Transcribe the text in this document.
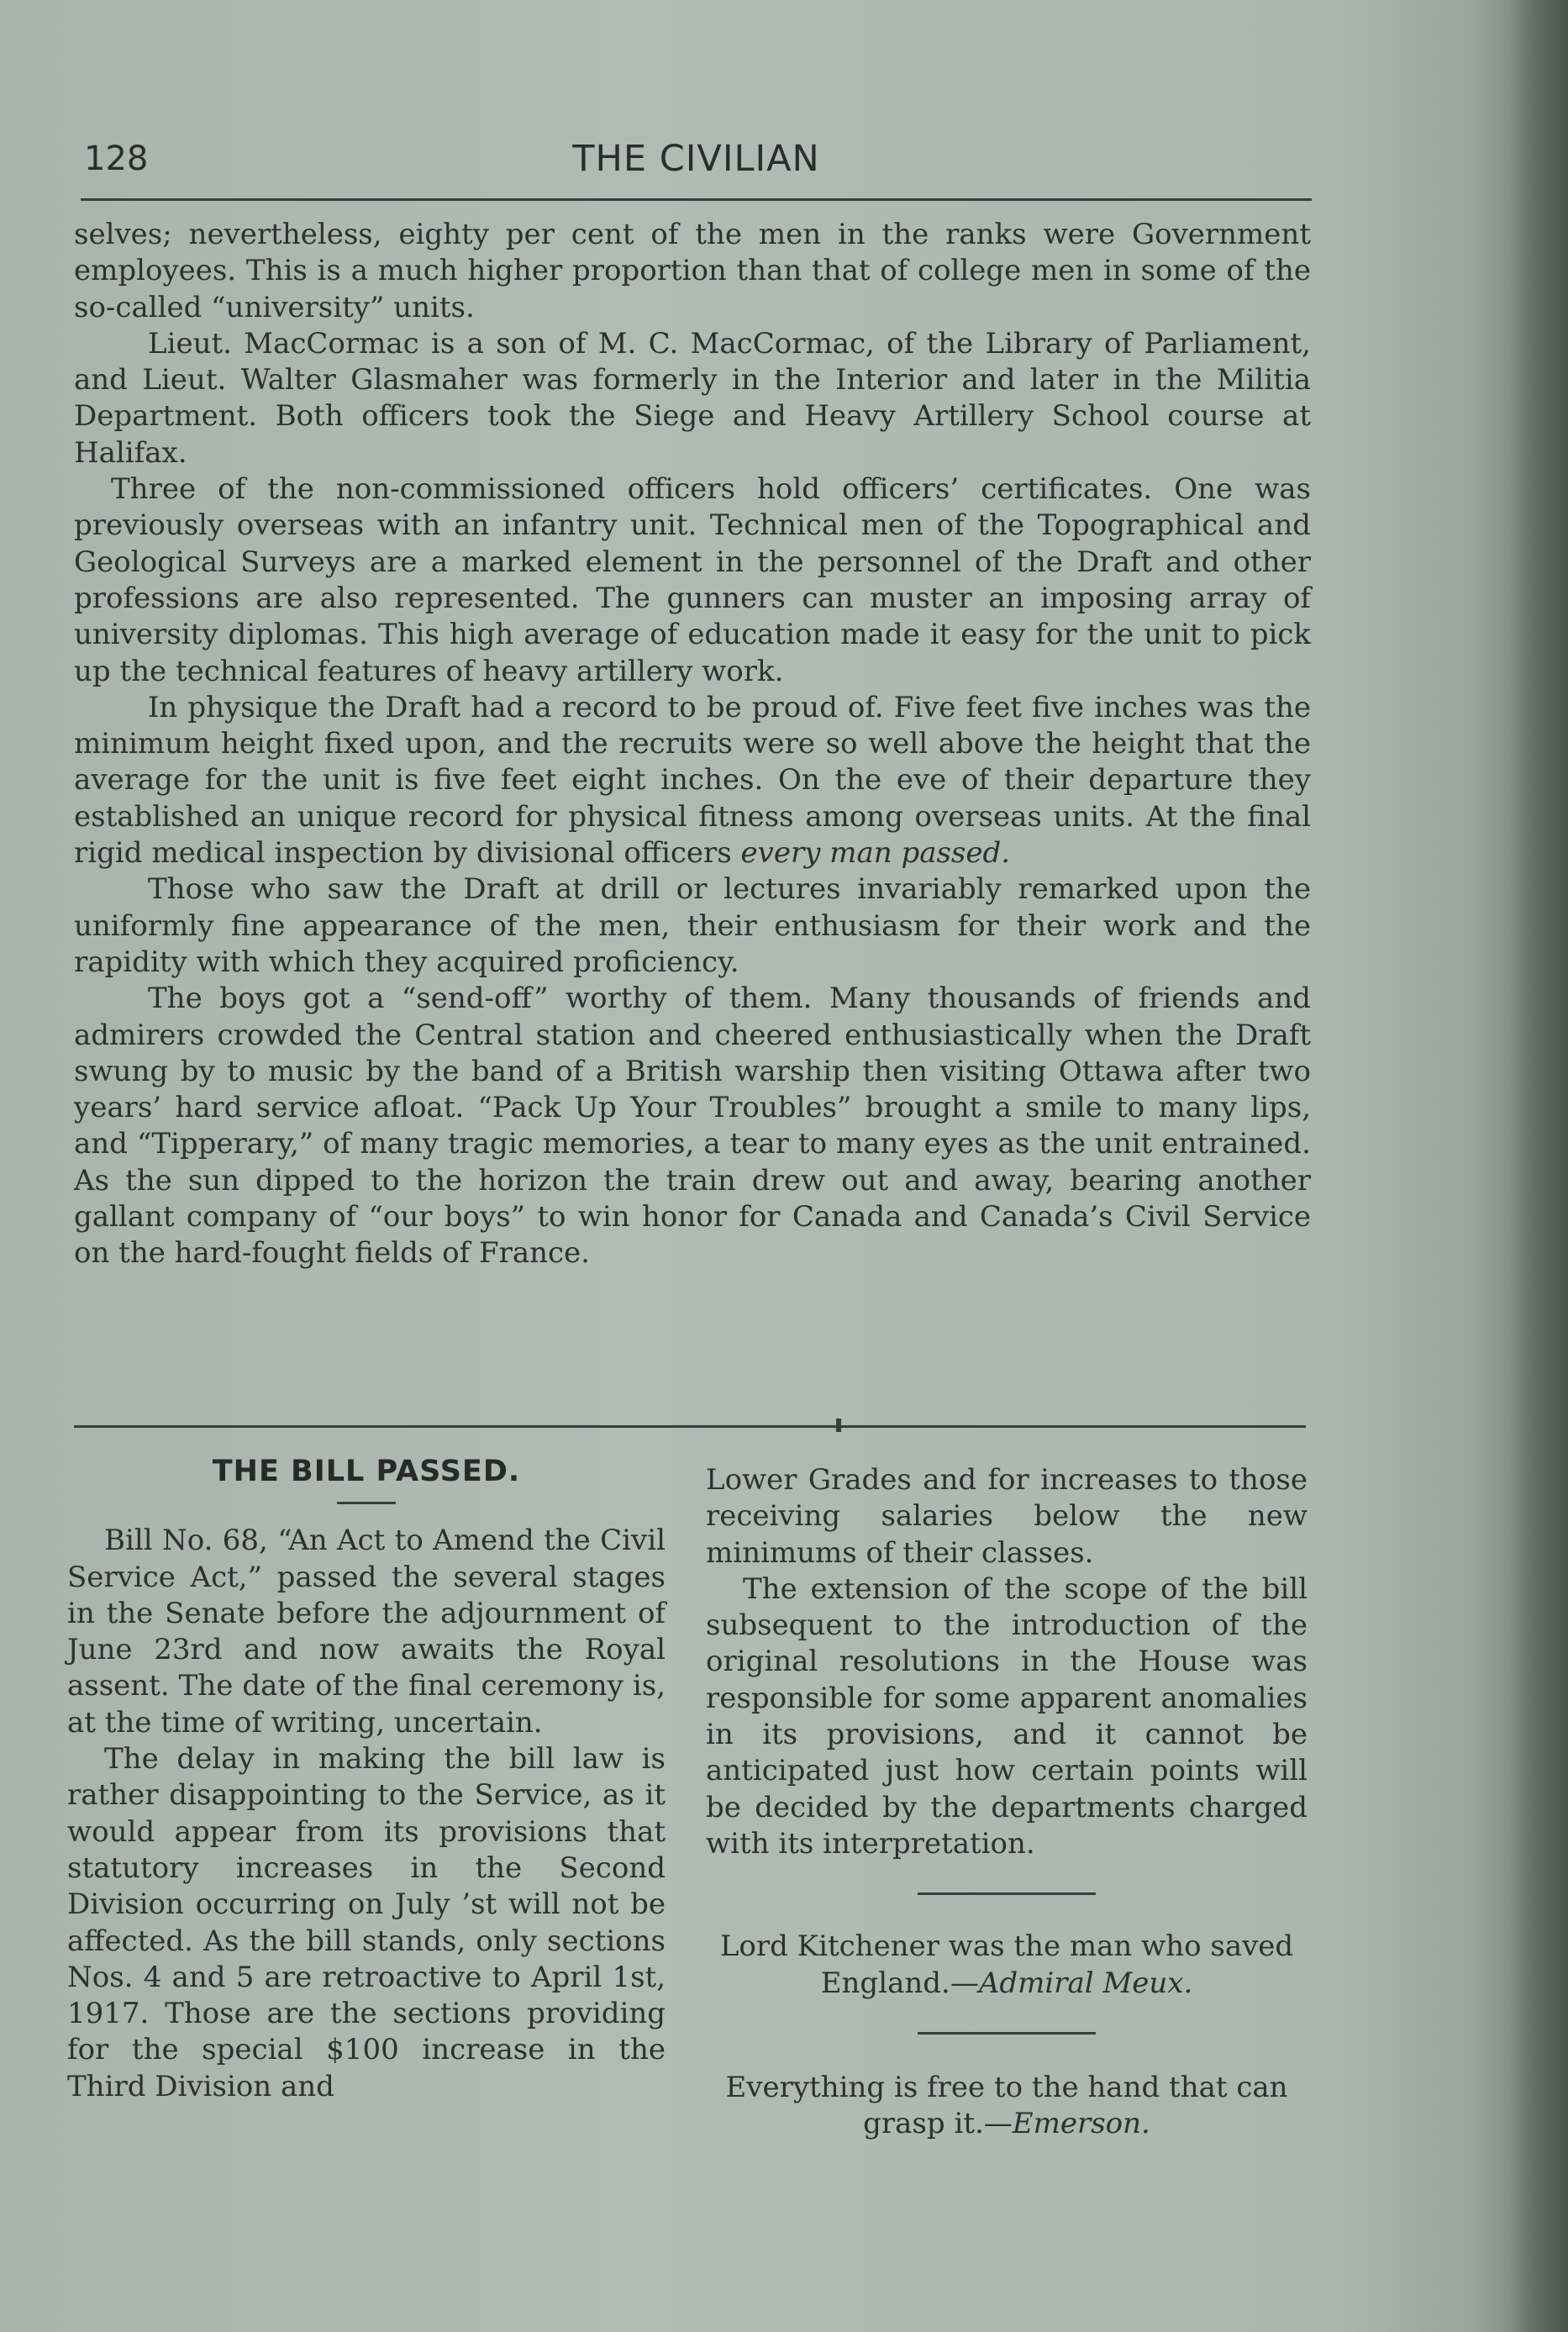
128	THE CIVILIAN

selves; nevertheless, eighty per cent of the men in the ranks were Government employees. This is a much higher proportion than that of college men in some of the so-called “university” units.

Lieut. MacCormac is a son of M. C. MacCormac, of the Library of Parliament, and Lieut. Walter Glasmaher was formerly in the Interior and later in the Militia Department. Both officers took the Siege and Heavy Artillery School course at Halifax.

Three of the non-commissioned officers hold officers’ certificates. One was previously overseas with an infantry unit. Technical men of the Topographical and Geological Surveys are a marked element in the personnel of the Draft and other professions are also represented. The gunners can muster an imposing array of university diplomas. This high average of education made it easy for the unit to pick up the technical features of heavy artillery work.

In physique the Draft had a record to be proud of. Five feet five inches was the minimum height fixed upon, and the recruits were so well above the height that the average for the unit is five feet eight inches. On the eve of their departure they established an unique record for physical fitness among overseas units. At the final rigid medical inspection by divisional officers every man passed.

Those who saw the Draft at drill or lectures invariably remarked upon the uniformly fine appearance of the men, their enthusiasm for their work and the rapidity with which they acquired proficiency.

The boys got a “send-off” worthy of them. Many thousands of friends and admirers crowded the Central station and cheered enthusiastically when the Draft swung by to music by the band of a British warship then visiting Ottawa after two years’ hard service afloat. “Pack Up Your Troubles” brought a smile to many lips, and “Tipperary,” of many tragic memories, a tear to many eyes as the unit entrained. As the sun dipped to the horizon the train drew out and away, bearing another gallant company of “our boys” to win honor for Canada and Canada’s Civil Service on the hard-fought fields of France.

THE BILL PASSED.

Bill No. 68, “An Act to Amend the Civil Service Act,” passed the several stages in the Senate before the adjournment of June 23rd and now awaits the Royal assent. The date of the final ceremony is, at the time of writing, uncertain.

The delay in making the bill law is rather disappointing to the Service, as it would appear from its provisions that statutory increases in the Second Division occurring on July ’st will not be affected. As the bill stands, only sections Nos. 4 and 5 are retroactive to April 1st, 1917. Those are the sections providing for the special $100 increase in the Third Division and

Lower Grades and for increases to those receiving salaries below the new minimums of their classes.

The extension of the scope of the bill subsequent to the introduction of the original resolutions in the House was responsible for some apparent anomalies in its provisions, and it cannot be anticipated just how certain points will be decided by the departments charged with its interpretation.

Lord Kitchener was the man who saved England.—Admiral Meux.

Everything is free to the hand that can grasp it.—Emerson.
